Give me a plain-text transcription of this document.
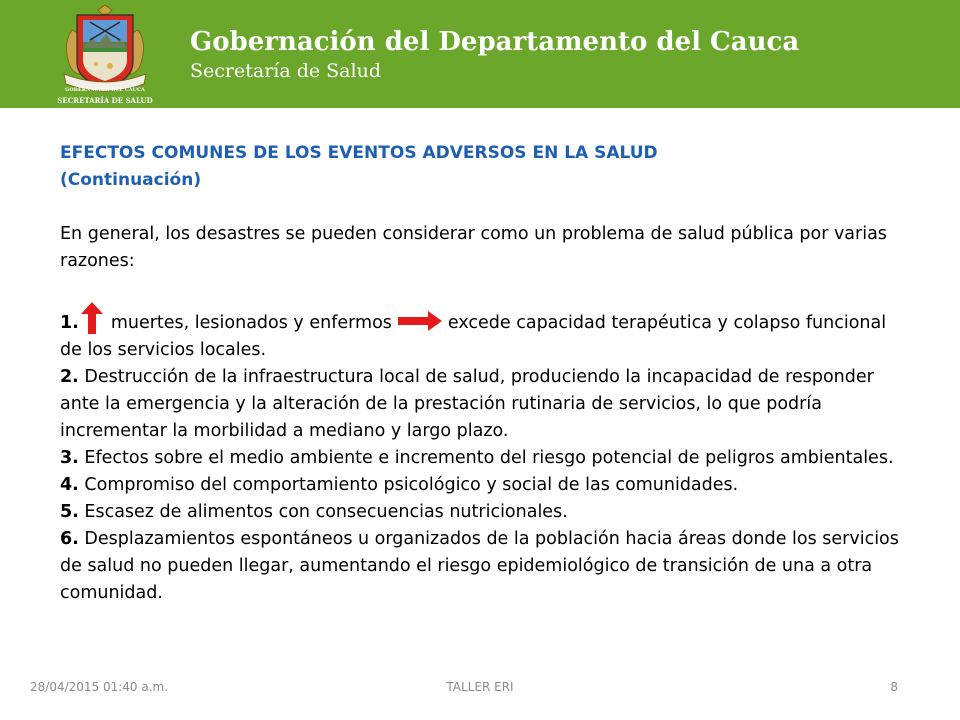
GOBERNACIÓN DEL CAUCA
SECRETARÍA DE SALUD
Gobernación del Departamento del Cauca
Secretaría de Salud
EFECTOS COMUNES DE LOS EVENTOS ADVERSOS EN LA SALUD
(Continuación)

En general, los desastres se pueden considerar como un problema de salud pública por varias razones:

1. muertes, lesionados y enfermos	excede capacidad terapéutica y colapso funcional de los servicios locales.

2. Destrucción de la infraestructura local de salud, produciendo la incapacidad de responder ante la emergencia y la alteración de la prestación rutinaria de servicios, lo que podría incrementar la morbilidad a mediano y largo plazo.

3. Efectos sobre el medio ambiente e incremento del riesgo potencial de peligros ambientales.

4. Compromiso del comportamiento psicológico y social de las comunidades.

5. Escasez de alimentos con consecuencias nutricionales.

6. Desplazamientos espontáneos u organizados de la población hacia áreas donde los servicios de salud no pueden llegar, aumentando el riesgo epidemiológico de transición de una a otra comunidad.

28/04/2015 01:40 a.m.	TALLER ERI	8
